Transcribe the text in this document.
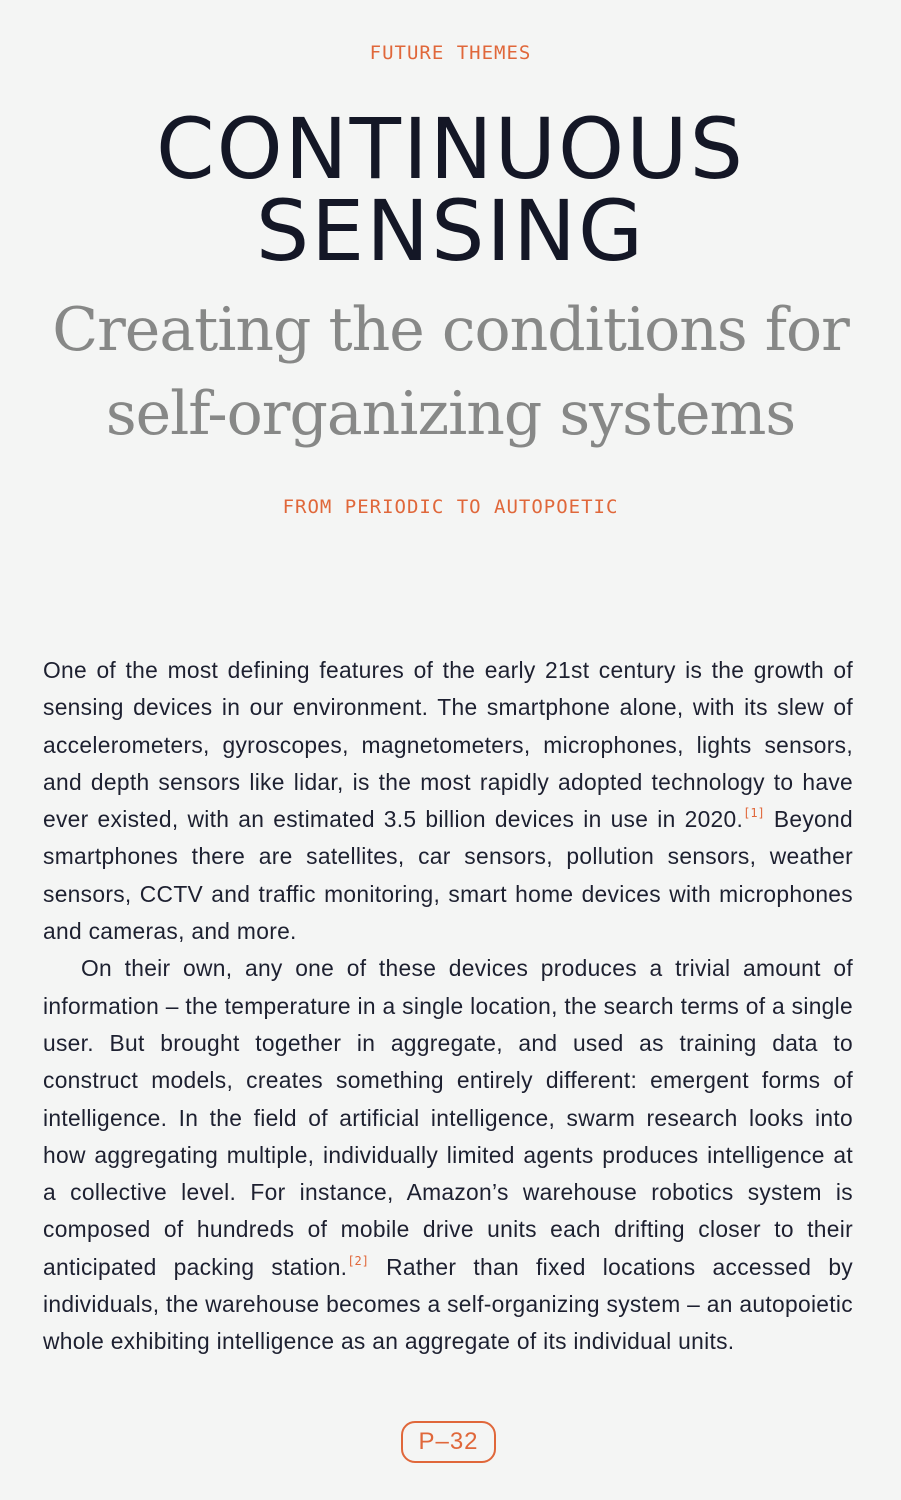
FUTURE THEMES
CONTINUOUS
SENSING
Creating the conditions for
self-organizing systems
FROM PERIODIC TO AUTOPOETIC

One of the most defining features of the early 21st century is the growth of sensing devices in our environment. The smartphone alone, with its slew of accelerometers, gyroscopes, magnetometers, microphones, lights sensors, and depth sensors like lidar, is the most rapidly adopted technology to have ever existed, with an estimated 3.5 billion devices in use in 2020.[1] Beyond smartphones there are satellites, car sensors, pollution sensors, weather sensors, CCTV and traffic monitoring, smart home devices with microphones and cameras, and more.

On their own, any one of these devices produces a trivial amount of information – the temperature in a single location, the search terms of a single user. But brought together in aggregate, and used as training data to construct models, creates something entirely different: emergent forms of intelligence. In the field of artificial intelligence, swarm research looks into how aggregating multiple, individually limited agents produces intelligence at a collective level. For instance, Amazon’s warehouse robotics system is composed of hundreds of mobile drive units each drifting closer to their anticipated packing station.[2] Rather than fixed locations accessed by individuals, the warehouse becomes a self-organizing system – an autopoietic whole exhibiting intelligence as an aggregate of its individual units.

P–32
